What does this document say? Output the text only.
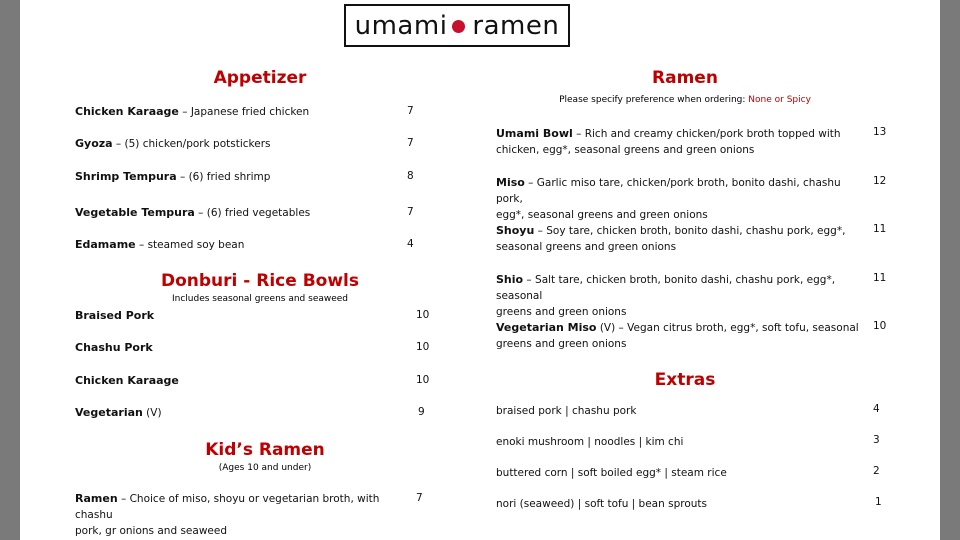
umami ramen
Appetizer
Chicken Karaage – Japanese fried chicken	7
Gyoza – (5) chicken/pork potstickers	7
Shrimp Tempura – (6) fried shrimp	8
Vegetable Tempura – (6) fried vegetables	7
Edamame – steamed soy bean	4
Donburi - Rice Bowls
Includes seasonal greens and seaweed
Braised Pork	10
Chashu Pork	10
Chicken Karaage	10
Vegetarian (V)	9
Kid’s Ramen
(Ages 10 and under)
Ramen – Choice of miso, shoyu or vegetarian broth, with chashu
pork, gr onions and seaweed
7
Ramen
Please specify preference when ordering: None or Spicy
Umami Bowl – Rich and creamy chicken/pork broth topped with
chicken, egg*, seasonal greens and green onions
13
Miso – Garlic miso tare, chicken/pork broth, bonito dashi, chashu pork,
egg*, seasonal greens and green onions
12
Shoyu – Soy tare, chicken broth, bonito dashi, chashu pork, egg*,
seasonal greens and green onions
11
Shio – Salt tare, chicken broth, bonito dashi, chashu pork, egg*, seasonal
greens and green onions
11
Vegetarian Miso (V) – Vegan citrus broth, egg*, soft tofu, seasonal
greens and green onions
10
Extras
braised pork | chashu pork	4
enoki mushroom | noodles | kim chi	3
buttered corn | soft boiled egg* | steam rice	2
nori (seaweed) | soft tofu | bean sprouts	1
